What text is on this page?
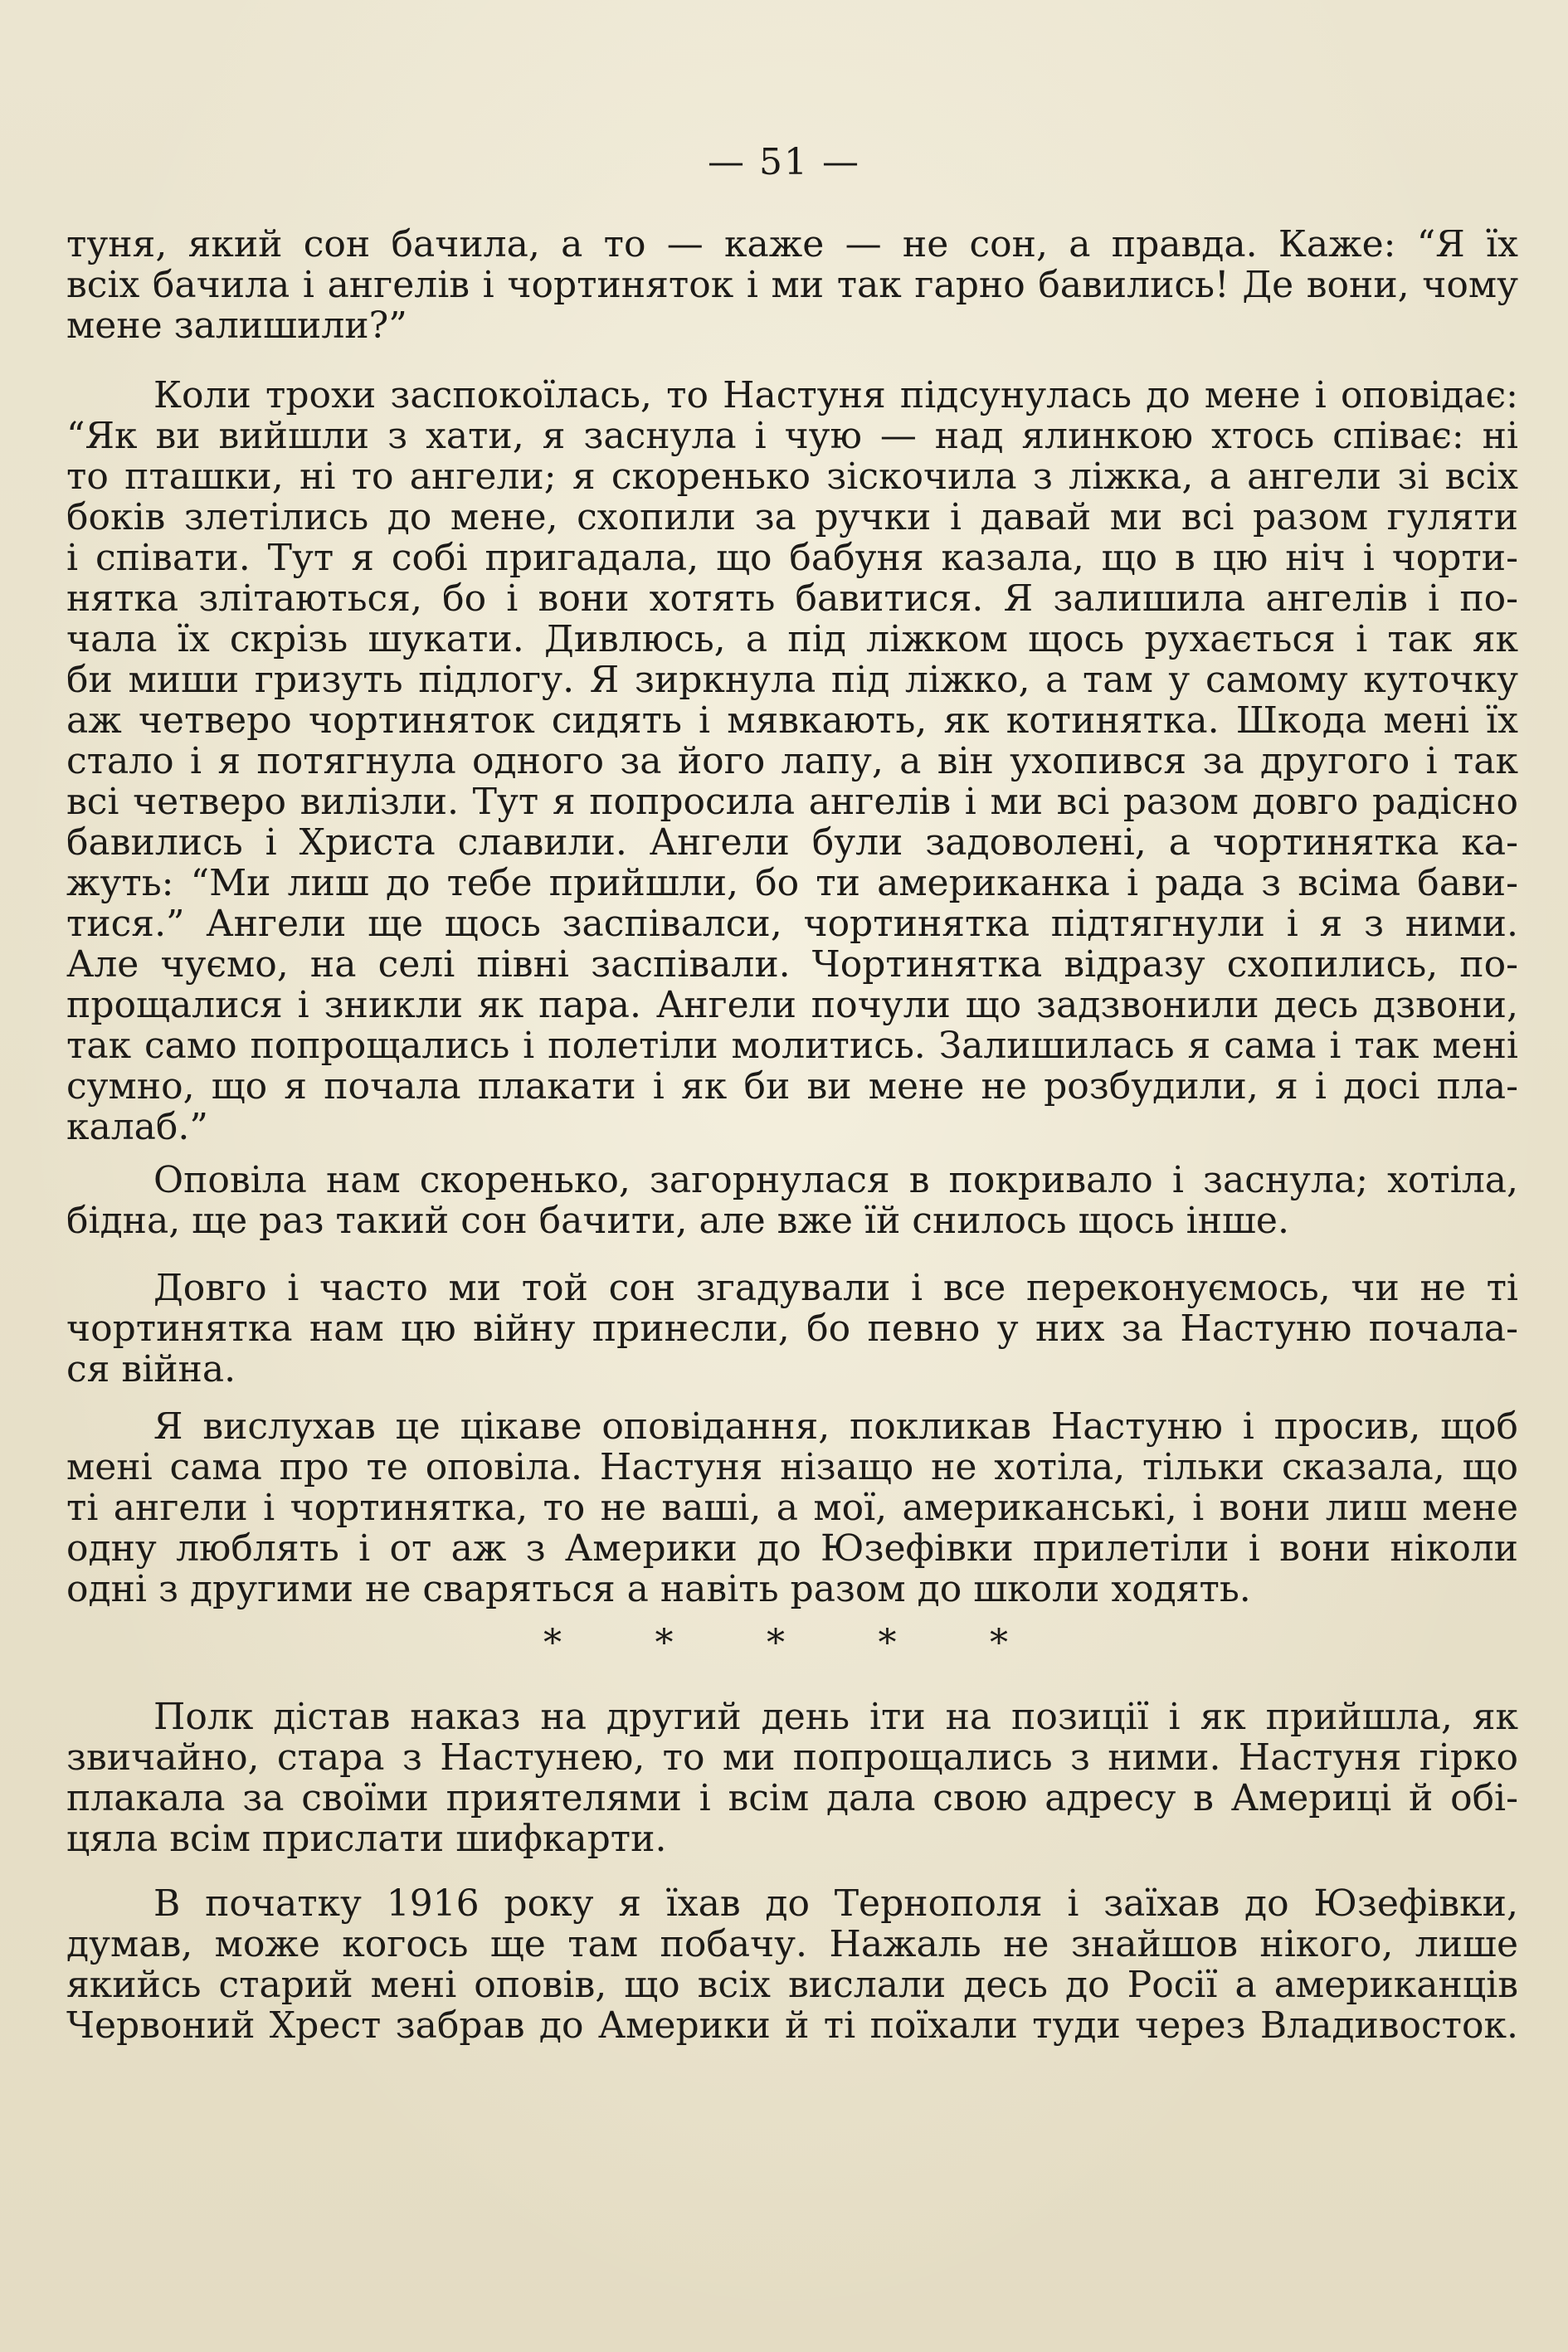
— 51 —
туня, який сон бачила, а то — каже — не сон, а правда. Каже: “Я їх
всіх бачила і ангелів і чортиняток і ми так гарно бавились! Де вони, чому
мене залишили?”
Коли трохи заспокоїлась, то Настуня підсунулась до мене і оповідає:
“Як ви вийшли з хати, я заснула і чую — над ялинкою хтось співає: ні
то пташки, ні то ангели; я скоренько зіскочила з ліжка, а ангели зі всіх
боків злетілись до мене, схопили за ручки і давай ми всі разом гуляти
і співати. Тут я собі пригадала, що бабуня казала, що в цю ніч і чорти-
нятка злітаються, бо і вони хотять бавитися. Я залишила ангелів і по-
чала їх скрізь шукати. Дивлюсь, а під ліжком щось рухається і так як
би миши гризуть підлогу. Я зиркнула під ліжко, а там у самому куточку
аж четверо чортиняток сидять і мявкають, як котинятка. Шкода мені їх
стало і я потягнула одного за його лапу, а він ухопився за другого і так
всі четверо вилізли. Тут я попросила ангелів і ми всі разом довго радісно
бавились і Христа славили. Ангели були задоволені, а чортинятка ка-
жуть: “Ми лиш до тебе прийшли, бо ти американка і рада з всіма бави-
тися.” Ангели ще щось заспівалси, чортинятка підтягнули і я з ними.
Але чуємо, на селі півні заспівали. Чортинятка відразу схопились, по-
прощалися і зникли як пара. Ангели почули що задзвонили десь дзвони,
так само попрощались і полетіли молитись. Залишилась я сама і так мені
сумно, що я почала плакати і як би ви мене не розбудили, я і досі пла-
калаб.”
Оповіла нам скоренько, загорнулася в покривало і заснула; хотіла,
бідна, ще раз такий сон бачити, але вже їй снилось щось інше.
Довго і часто ми той сон згадували і все переконуємось, чи не ті
чортинятка нам цю війну принесли, бо певно у них за Настуню почала-
ся війна.
Я вислухав це цікаве оповідання, покликав Настуню і просив, щоб
мені сама про те оповіла. Настуня нізащо не хотіла, тільки сказала, що
ті ангели і чортинятка, то не ваші, а мої, американські, і вони лиш мене
одну люблять і от аж з Америки до Юзефівки прилетіли і вони ніколи
одні з другими не сваряться а навіть разом до школи ходять.
*	*	*	*	*
Полк дістав наказ на другий день іти на позиції і як прийшла, як
звичайно, стара з Настунею, то ми попрощались з ними. Настуня гірко
плакала за своїми приятелями і всім дала свою адресу в Америці й обі-
цяла всім прислати шифкарти.
В початку 1916 року я їхав до Тернополя і заїхав до Юзефівки,
думав, може когось ще там побачу. Нажаль не знайшов нікого, лише
якийсь старий мені оповів, що всіх вислали десь до Росії а американців
Червоний Хрест забрав до Америки й ті поїхали туди через Владивосток.
